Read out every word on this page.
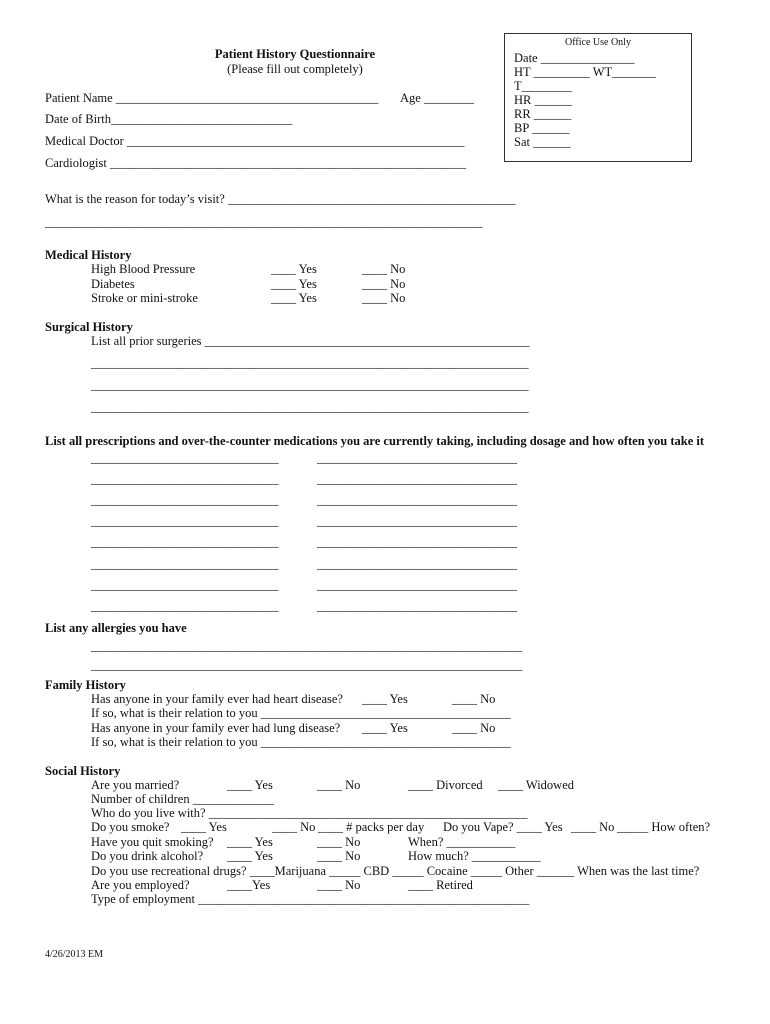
Patient History Questionnaire
(Please fill out completely)
Office Use Only
Date _______________
HT _________ WT_______
T________
HR ______
RR ______
BP ______
Sat ______
Patient Name __________________________________________ Age ________
Date of Birth_____________________________
Medical Doctor ______________________________________________________
Cardiologist _________________________________________________________
What is the reason for today’s visit? ______________________________________________
______________________________________________________________________
Medical History
High Blood Pressure	____ Yes	____ No
Diabetes	____ Yes	____ No
Stroke or mini-stroke	____ Yes	____ No
Surgical History
List all prior surgeries ____________________________________________________
______________________________________________________________________
______________________________________________________________________
______________________________________________________________________
List all prescriptions and over-the-counter medications you are currently taking, including dosage and how often you take it
______________________________	________________________________
______________________________	________________________________
______________________________	________________________________
______________________________	________________________________
______________________________	________________________________
______________________________	________________________________
______________________________	________________________________
______________________________	________________________________
List any allergies you have
_____________________________________________________________________
_____________________________________________________________________
Family History
Has anyone in your family ever had heart disease? ____ Yes	____ No
If so, what is their relation to you ________________________________________
Has anyone in your family ever had lung disease? ____ Yes	____ No
If so, what is their relation to you ________________________________________
Social History
Are you married?	____ Yes	____ No	____ Divorced ____ Widowed
Number of children _____________
Who do you live with? ___________________________________________________
Do you smoke? ____ Yes	____ No ____ # packs per day Do you Vape? ____ Yes ____ No _____ How often?
Have you quit smoking? ____ Yes	____ No	When? ___________
Do you drink alcohol? ____ Yes	____ No	How much? ___________
Do you use recreational drugs? ____Marijuana _____ CBD _____ Cocaine _____ Other ______ When was the last time?
Are you employed?	____Yes	____ No	____ Retired
Type of employment _____________________________________________________
4/26/2013 EM
